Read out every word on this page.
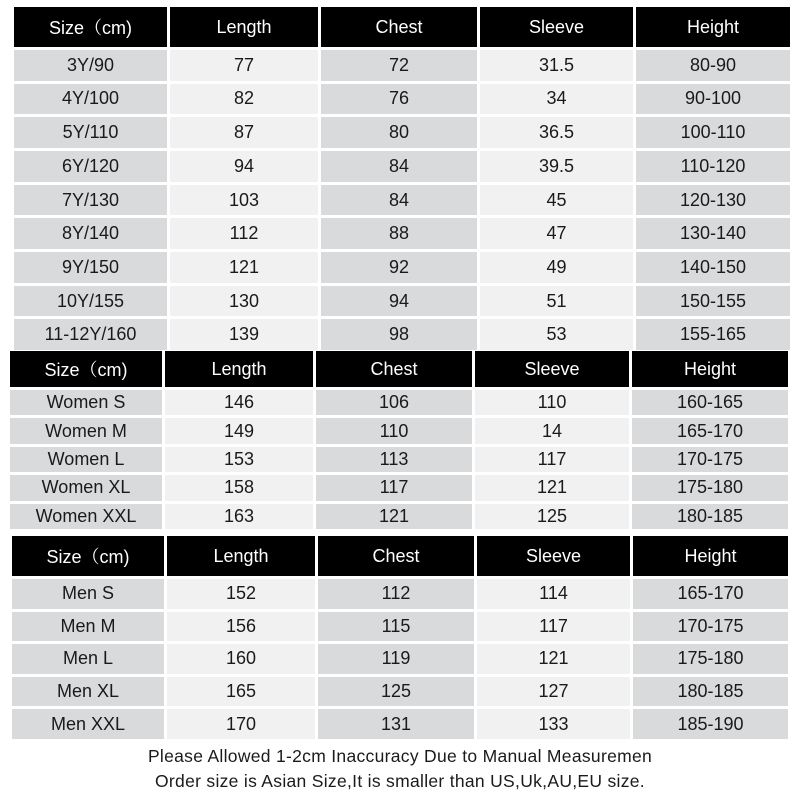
Size（cm)	Length	Chest	Sleeve	Height
3Y/90	77	72	31.5	80-90
4Y/100	82	76	34	90-100
5Y/110	87	80	36.5	100-110
6Y/120	94	84	39.5	110-120
7Y/130	103	84	45	120-130
8Y/140	112	88	47	130-140
9Y/150	121	92	49	140-150
10Y/155	130	94	51	150-155
11-12Y/160	139	98	53	155-165
Size（cm)	Length	Chest	Sleeve	Height
Women S	146	106	110	160-165
Women M	149	110	14	165-170
Women L	153	113	117	170-175
Women XL	158	117	121	175-180
Women XXL	163	121	125	180-185
Size（cm)	Length	Chest	Sleeve	Height
Men S	152	112	114	165-170
Men M	156	115	117	170-175
Men L	160	119	121	175-180
Men XL	165	125	127	180-185
Men XXL	170	131	133	185-190
Please Allowed 1-2cm Inaccuracy Due to Manual Measuremen
Order size is Asian Size,It is smaller than US,Uk,AU,EU size.
